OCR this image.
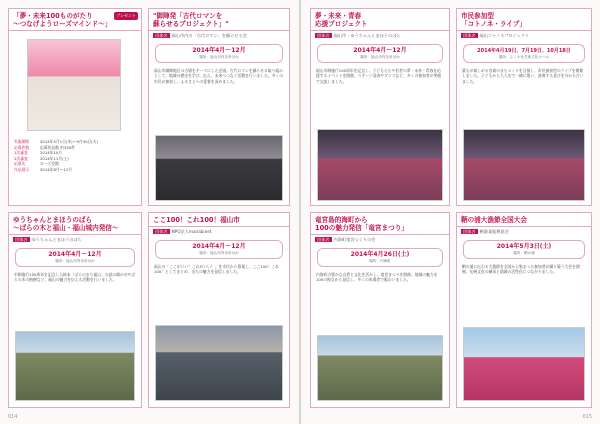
「夢・未来100ものがたり
～つなげようローズマインド～」
プレゼント
実施期間	2014年5月1日(木)～9月30日(火)
応募件数	応募作品数 約350件
1次審査	2014年10月
2次審査	2014年11月(土)
応募先	ローズ会館
作品展示	2014年6月～12月
"御陣発「古代ロマンを
蘇らせるプロジェクト」"
団体名 福山市内の「古代ロマン」を蘇らせる会
2014年4月～12月
場所：福山市内各所ほか
福山市御陣地区の古墳をテーマにした企画。古代ロマンを蘇らせる取り組みとして、地域の歴史を学び、伝え、未来へつなぐ活動を行いました。多くの市民が参加し、ふるさとへの愛着を深めました。
ゆうちゃんとまほうのばら
～ばらの木と福山・福山城内発信～
団体名 ゆうちゃんとまほうのばら
2014年4月～12月
場所：福山市内各所ほか
市制施行100周年を記念した絵本「ばらのまち福山」の読み聞かせやばらの木の植樹など、福山の魅力を伝える活動を行いました。
ここ100！これ100！福山市
団体名 NPO法人manabinet
2014年4月～12月
場所：福山市内各所ほか
福山の「ここがいい！これがいい！」を市民から募集し、ここ100！これ100！としてまとめ、まちの魅力を発信しました。
014
夢・未来・青春
応援プロジェクト
団体名 福山市・ゆうちゃんとまほうのばら
2014年4月～12月
場所：福山市内各所ほか
福山市制施行100周年を記念し、子どもたちや若者の夢・未来・青春を応援するイベントを開催。ステージ発表やダンスなど、多くの参加者が笑顔で交流しました。
市民参加型
「コトノネ・ライブ」
団体名 福山コトノネプロジェクト
2014年4月19日、7月19日、10月18日
場所：ふくやま芸術文化ホール
誰もが楽しめる音楽のまちづくりを目指し、市民参加型のライブを開催しました。子どもから大人まで一緒に歌い、演奏する喜びを分かち合いました。
竜宮島的海町から
100の魅力発信「竜宮まつり」
団体名 内海町竜宮づくりの会
2014年4月26日(土)
場所：内海町
内海町の豊かな自然と文化を活かし、竜宮まつりを開催。地域の魅力を100の視点から発信し、多くの来場者で賑わいました。
鞆の浦大漁節全国大会
団体名 鞆漁業振興協会
2014年5月3日(土)
場所：鞆の浦
鞆の浦に伝わる大漁節を全国から集まった参加者が踊り競う大会を開催。伝統文化の継承と地域の活性化につながりました。
015
